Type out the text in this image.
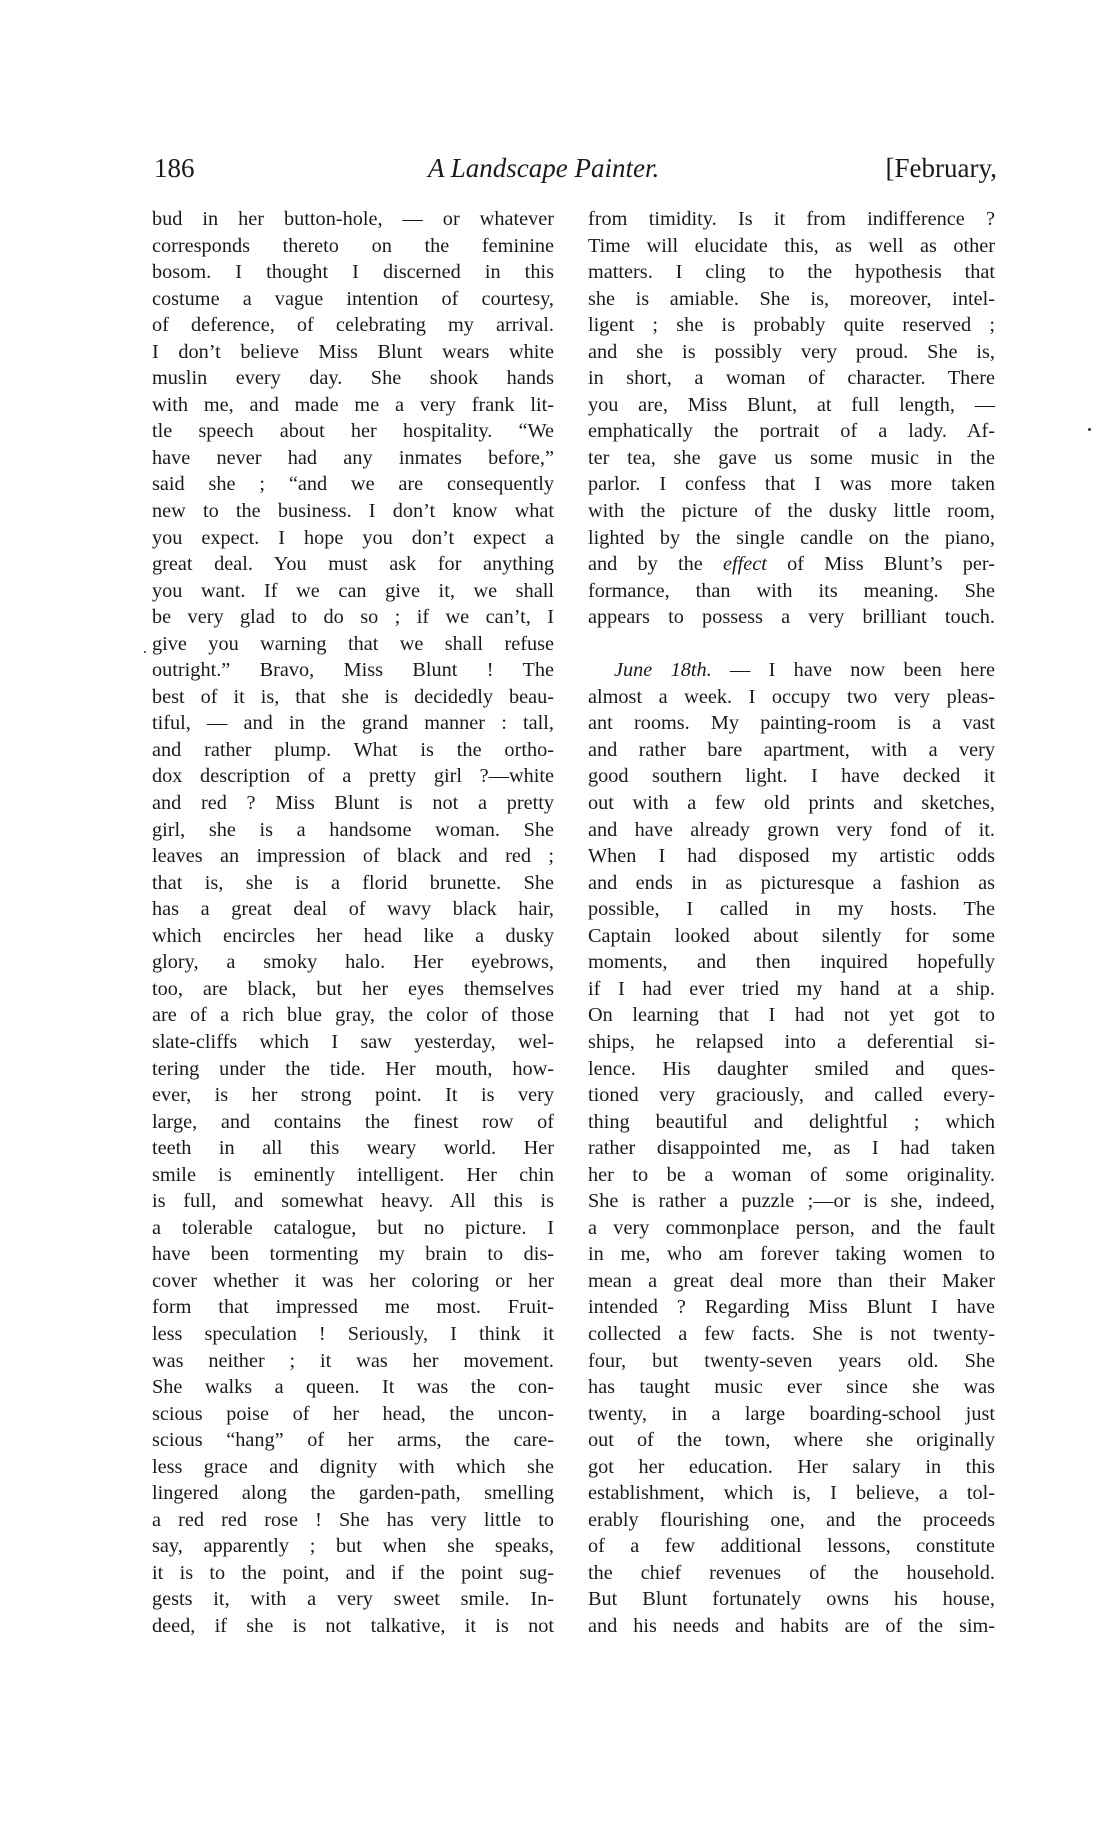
186	A Landscape Painter.	[February,
bud in her button-hole, — or whatever
corresponds thereto on the feminine
bosom. I thought I discerned in this
costume a vague intention of courtesy,
of deference, of celebrating my arrival.
I don’t believe Miss Blunt wears white
muslin every day. She shook hands
with me, and made me a very frank lit-
tle speech about her hospitality. “We
have never had any inmates before,”
said she ; “and we are consequently
new to the business. I don’t know what
you expect. I hope you don’t expect a
great deal. You must ask for anything
you want. If we can give it, we shall
be very glad to do so ; if we can’t, I
give you warning that we shall refuse
outright.” Bravo, Miss Blunt ! The
best of it is, that she is decidedly beau-
tiful, — and in the grand manner : tall,
and rather plump. What is the ortho-
dox description of a pretty girl ?—white
and red ? Miss Blunt is not a pretty
girl, she is a handsome woman. She
leaves an impression of black and red ;
that is, she is a florid brunette. She
has a great deal of wavy black hair,
which encircles her head like a dusky
glory, a smoky halo. Her eyebrows,
too, are black, but her eyes themselves
are of a rich blue gray, the color of those
slate-cliffs which I saw yesterday, wel-
tering under the tide. Her mouth, how-
ever, is her strong point. It is very
large, and contains the finest row of
teeth in all this weary world. Her
smile is eminently intelligent. Her chin
is full, and somewhat heavy. All this is
a tolerable catalogue, but no picture. I
have been tormenting my brain to dis-
cover whether it was her coloring or her
form that impressed me most. Fruit-
less speculation ! Seriously, I think it
was neither ; it was her movement.
She walks a queen. It was the con-
scious poise of her head, the uncon-
scious “hang” of her arms, the care-
less grace and dignity with which she
lingered along the garden-path, smelling
a red red rose ! She has very little to
say, apparently ; but when she speaks,
it is to the point, and if the point sug-
gests it, with a very sweet smile. In-
deed, if she is not talkative, it is not
from timidity. Is it from indifference ?
Time will elucidate this, as well as other
matters. I cling to the hypothesis that
she is amiable. She is, moreover, intel-
ligent ; she is probably quite reserved ;
and she is possibly very proud. She is,
in short, a woman of character. There
you are, Miss Blunt, at full length, —
emphatically the portrait of a lady. Af-
ter tea, she gave us some music in the
parlor. I confess that I was more taken
with the picture of the dusky little room,
lighted by the single candle on the piano,
and by the effect of Miss Blunt’s per-
formance, than with its meaning. She
appears to possess a very brilliant touch.
June 18th. — I have now been here
almost a week. I occupy two very pleas-
ant rooms. My painting-room is a vast
and rather bare apartment, with a very
good southern light. I have decked it
out with a few old prints and sketches,
and have already grown very fond of it.
When I had disposed my artistic odds
and ends in as picturesque a fashion as
possible, I called in my hosts. The
Captain looked about silently for some
moments, and then inquired hopefully
if I had ever tried my hand at a ship.
On learning that I had not yet got to
ships, he relapsed into a deferential si-
lence. His daughter smiled and ques-
tioned very graciously, and called every-
thing beautiful and delightful ; which
rather disappointed me, as I had taken
her to be a woman of some originality.
She is rather a puzzle ;—or is she, indeed,
a very commonplace person, and the fault
in me, who am forever taking women to
mean a great deal more than their Maker
intended ? Regarding Miss Blunt I have
collected a few facts. She is not twenty-
four, but twenty-seven years old. She
has taught music ever since she was
twenty, in a large boarding-school just
out of the town, where she originally
got her education. Her salary in this
establishment, which is, I believe, a tol-
erably flourishing one, and the proceeds
of a few additional lessons, constitute
the chief revenues of the household.
But Blunt fortunately owns his house,
and his needs and habits are of the sim-
